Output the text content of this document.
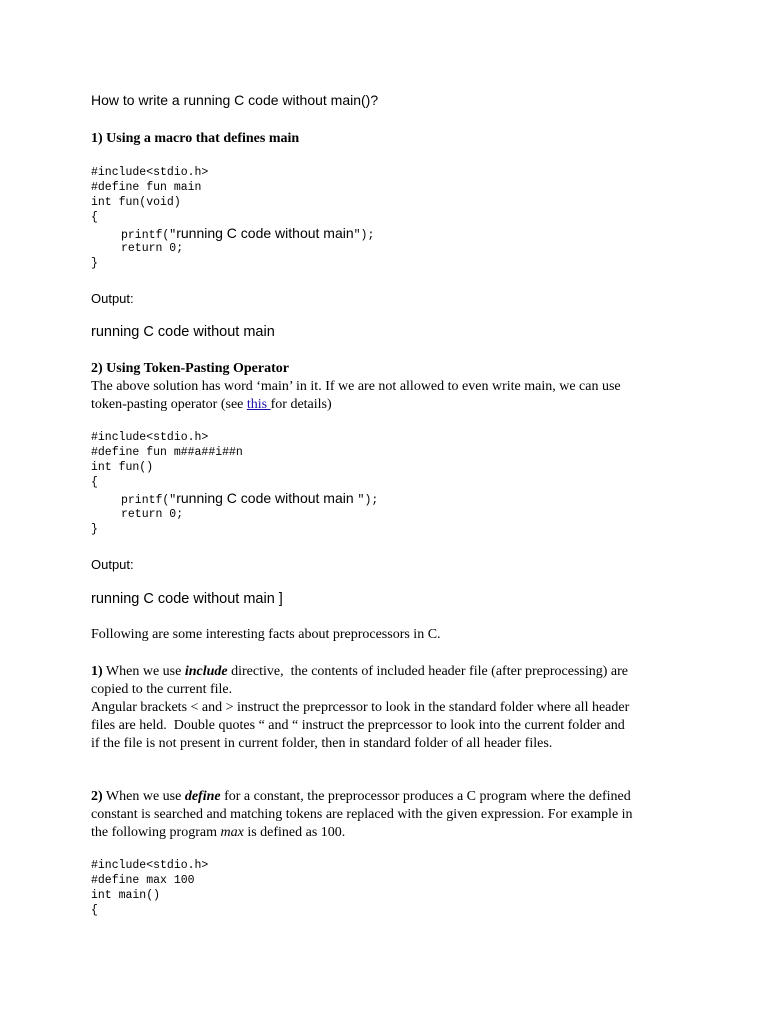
How to write a running C code without main()?
1) Using a macro that defines main
#include<stdio.h>
#define fun main
int fun(void)
{
printf("running C code without main");
return 0;
}
Output:
running C code without main
2) Using Token-Pasting Operator
The above solution has word ‘main’ in it. If we are not allowed to even write main, we can use
token-pasting operator (see this for details)
#include<stdio.h>
#define fun m##a##i##n
int fun()
{
printf("running C code without main ");
return 0;
}
Output:
running C code without main ]
Following are some interesting facts about preprocessors in C.
1) When we use include directive,  the contents of included header file (after preprocessing) are
copied to the current file.
Angular brackets < and > instruct the preprcessor to look in the standard folder where all header
files are held.  Double quotes “ and “ instruct the preprcessor to look into the current folder and
if the file is not present in current folder, then in standard folder of all header files.
2) When we use define for a constant, the preprocessor produces a C program where the defined
constant is searched and matching tokens are replaced with the given expression. For example in
the following program max is defined as 100.
#include<stdio.h>
#define max 100
int main()
{
